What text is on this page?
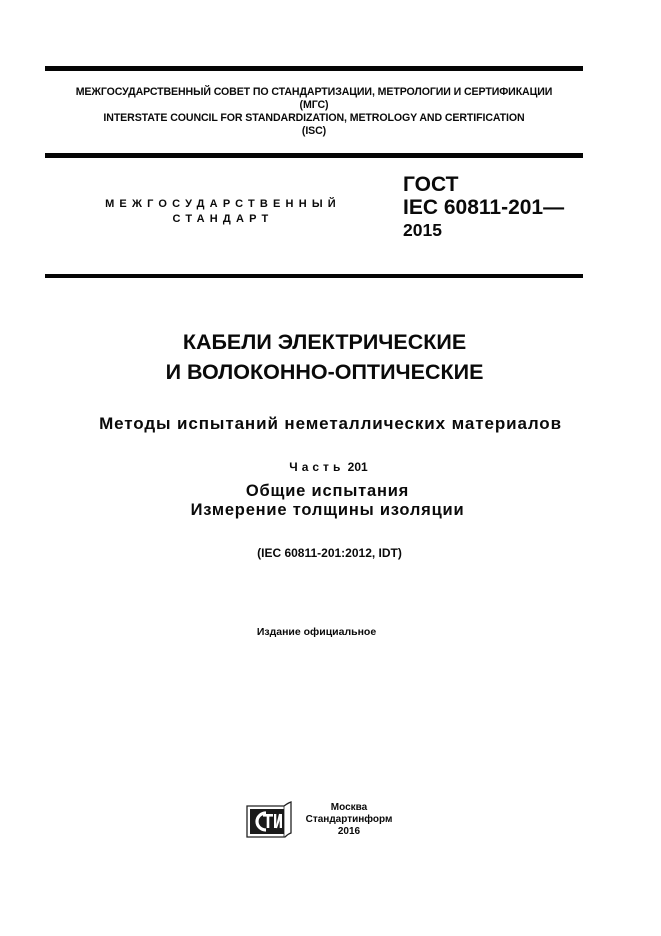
МЕЖГОСУДАРСТВЕННЫЙ СОВЕТ ПО СТАНДАРТИЗАЦИИ, МЕТРОЛОГИИ И СЕРТИФИКАЦИИ
(МГС)
INTERSTATE COUNCIL FOR STANDARDIZATION, METROLOGY AND CERTIFICATION
(ISC)
МЕЖГОСУДАРСТВЕННЫЙ
СТАНДАРТ
ГОСТ
IEC 60811-201—
2015
КАБЕЛИ ЭЛЕКТРИЧЕСКИЕ
И ВОЛОКОННО-ОПТИЧЕСКИЕ
Методы испытаний неметаллических материалов
Часть 201
Общие испытания
Измерение толщины изоляции
(IEC 60811-201:2012, IDT)
Издание официальное
Москва
Стандартинформ
2016
